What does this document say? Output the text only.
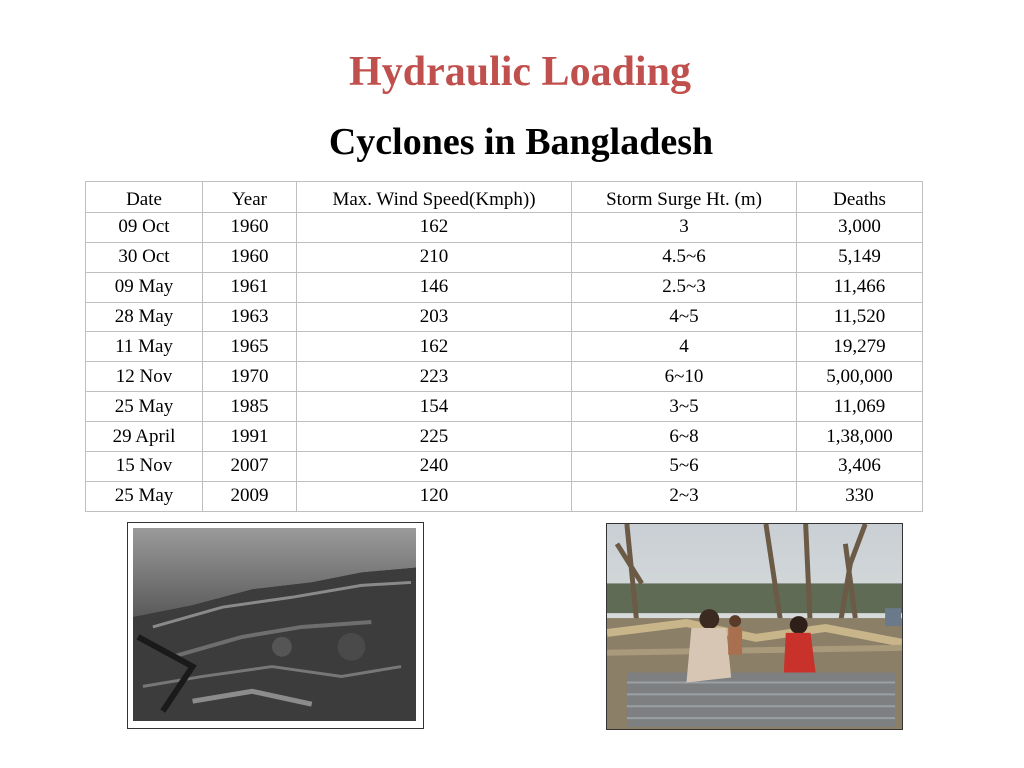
Hydraulic Loading
Cyclones in Bangladesh
Date	Year	Max. Wind Speed(Kmph))	Storm Surge Ht. (m)	Deaths
09 Oct	1960	162	3	3,000
30 Oct	1960	210	4.5~6	5,149
09 May	1961	146	2.5~3	11,466
28 May	1963	203	4~5	11,520
11 May	1965	162	4	19,279
12 Nov	1970	223	6~10	5,00,000
25 May	1985	154	3~5	11,069
29 April	1991	225	6~8	1,38,000
15 Nov	2007	240	5~6	3,406
25 May	2009	120	2~3	330
